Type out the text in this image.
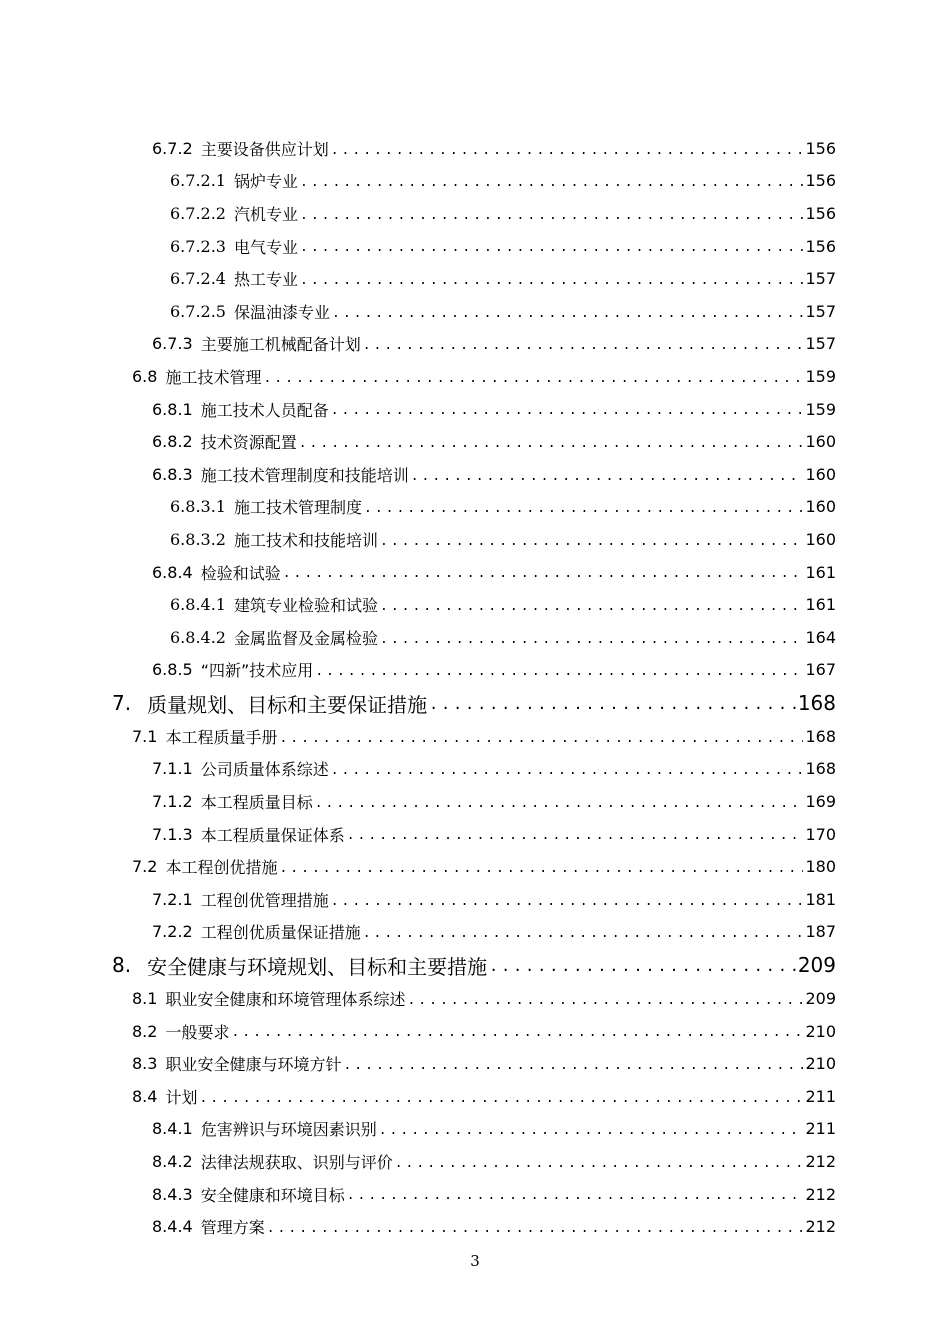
6.7.2 主要设备供应计划 .....	156
6.7.2.1 锅炉专业 .....	156
6.7.2.2 汽机专业 .....	156
6.7.2.3 电气专业 .....	156
6.7.2.4 热工专业 .....	157
6.7.2.5 保温油漆专业 .....	157
6.7.3 主要施工机械配备计划 .....	157
6.8 施工技术管理 .....	159
6.8.1 施工技术人员配备 .....	159
6.8.2 技术资源配置 .....	160
6.8.3 施工技术管理制度和技能培训 .....	160
6.8.3.1 施工技术管理制度 .....	160
6.8.3.2 施工技术和技能培训 .....	160
6.8.4 检验和试验 .....	161
6.8.4.1 建筑专业检验和试验 .....	161
6.8.4.2 金属监督及金属检验 .....	164
6.8.5 “四新”技术应用 .....	167
7. 质量规划、目标和主要保证措施 .....	168
7.1 本工程质量手册 .....	168
7.1.1 公司质量体系综述 .....	168
7.1.2 本工程质量目标 .....	169
7.1.3 本工程质量保证体系 .....	170
7.2 本工程创优措施 .....	180
7.2.1 工程创优管理措施 .....	181
7.2.2 工程创优质量保证措施 .....	187
8. 安全健康与环境规划、目标和主要措施 .....	209
8.1 职业安全健康和环境管理体系综述 .....	209
8.2 一般要求 .....	210
8.3 职业安全健康与环境方针 .....	210
8.4 计划 .....	211
8.4.1 危害辨识与环境因素识别 .....	211
8.4.2 法律法规获取、识别与评价 .....	212
8.4.3 安全健康和环境目标 .....	212
8.4.4 管理方案 .....	212
3
